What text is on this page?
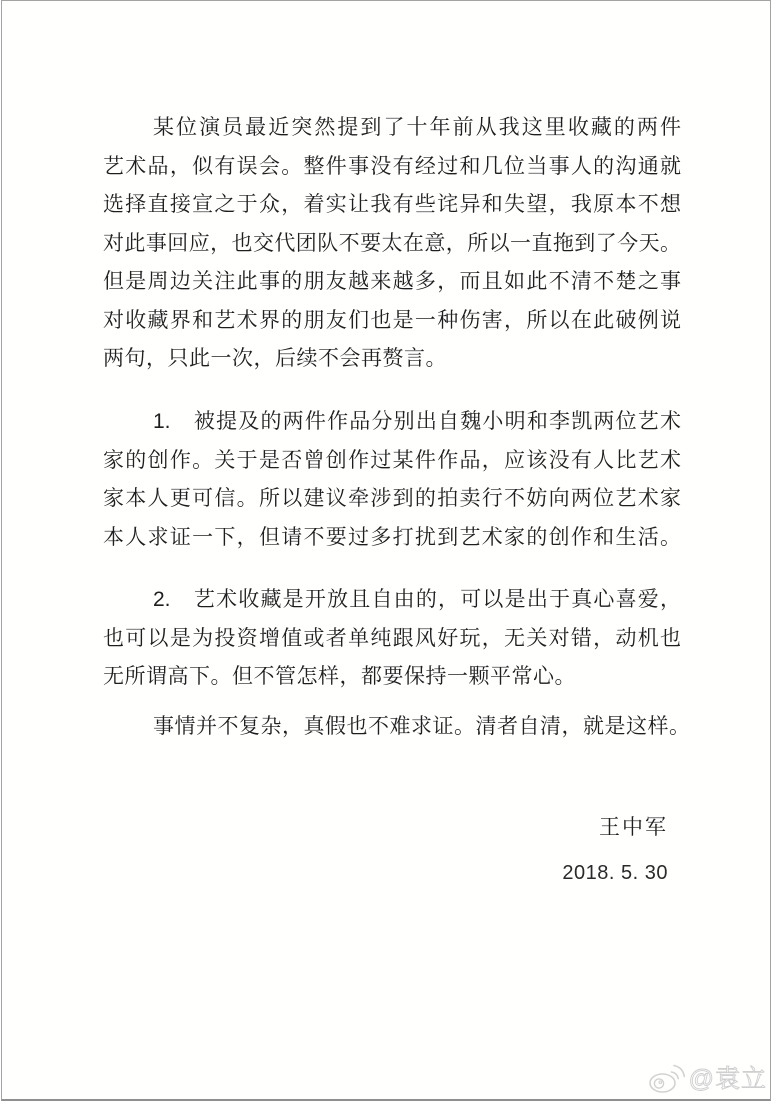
某位演员最近突然提到了十年前从我这里收藏的两件
艺术品，似有误会。整件事没有经过和几位当事人的沟通就
选择直接宣之于众，着实让我有些诧异和失望，我原本不想
对此事回应，也交代团队不要太在意，所以一直拖到了今天。
但是周边关注此事的朋友越来越多，而且如此不清不楚之事
对收藏界和艺术界的朋友们也是一种伤害，所以在此破例说
两句，只此一次，后续不会再赘言。
1.　被提及的两件作品分别出自魏小明和李凯两位艺术
家的创作。关于是否曾创作过某件作品，应该没有人比艺术
家本人更可信。所以建议牵涉到的拍卖行不妨向两位艺术家
本人求证一下，但请不要过多打扰到艺术家的创作和生活。
2.　艺术收藏是开放且自由的，可以是出于真心喜爱，
也可以是为投资增值或者单纯跟风好玩，无关对错，动机也
无所谓高下。但不管怎样，都要保持一颗平常心。
事情并不复杂，真假也不难求证。清者自清，就是这样。
王中军
2018. 5. 30
@袁立
